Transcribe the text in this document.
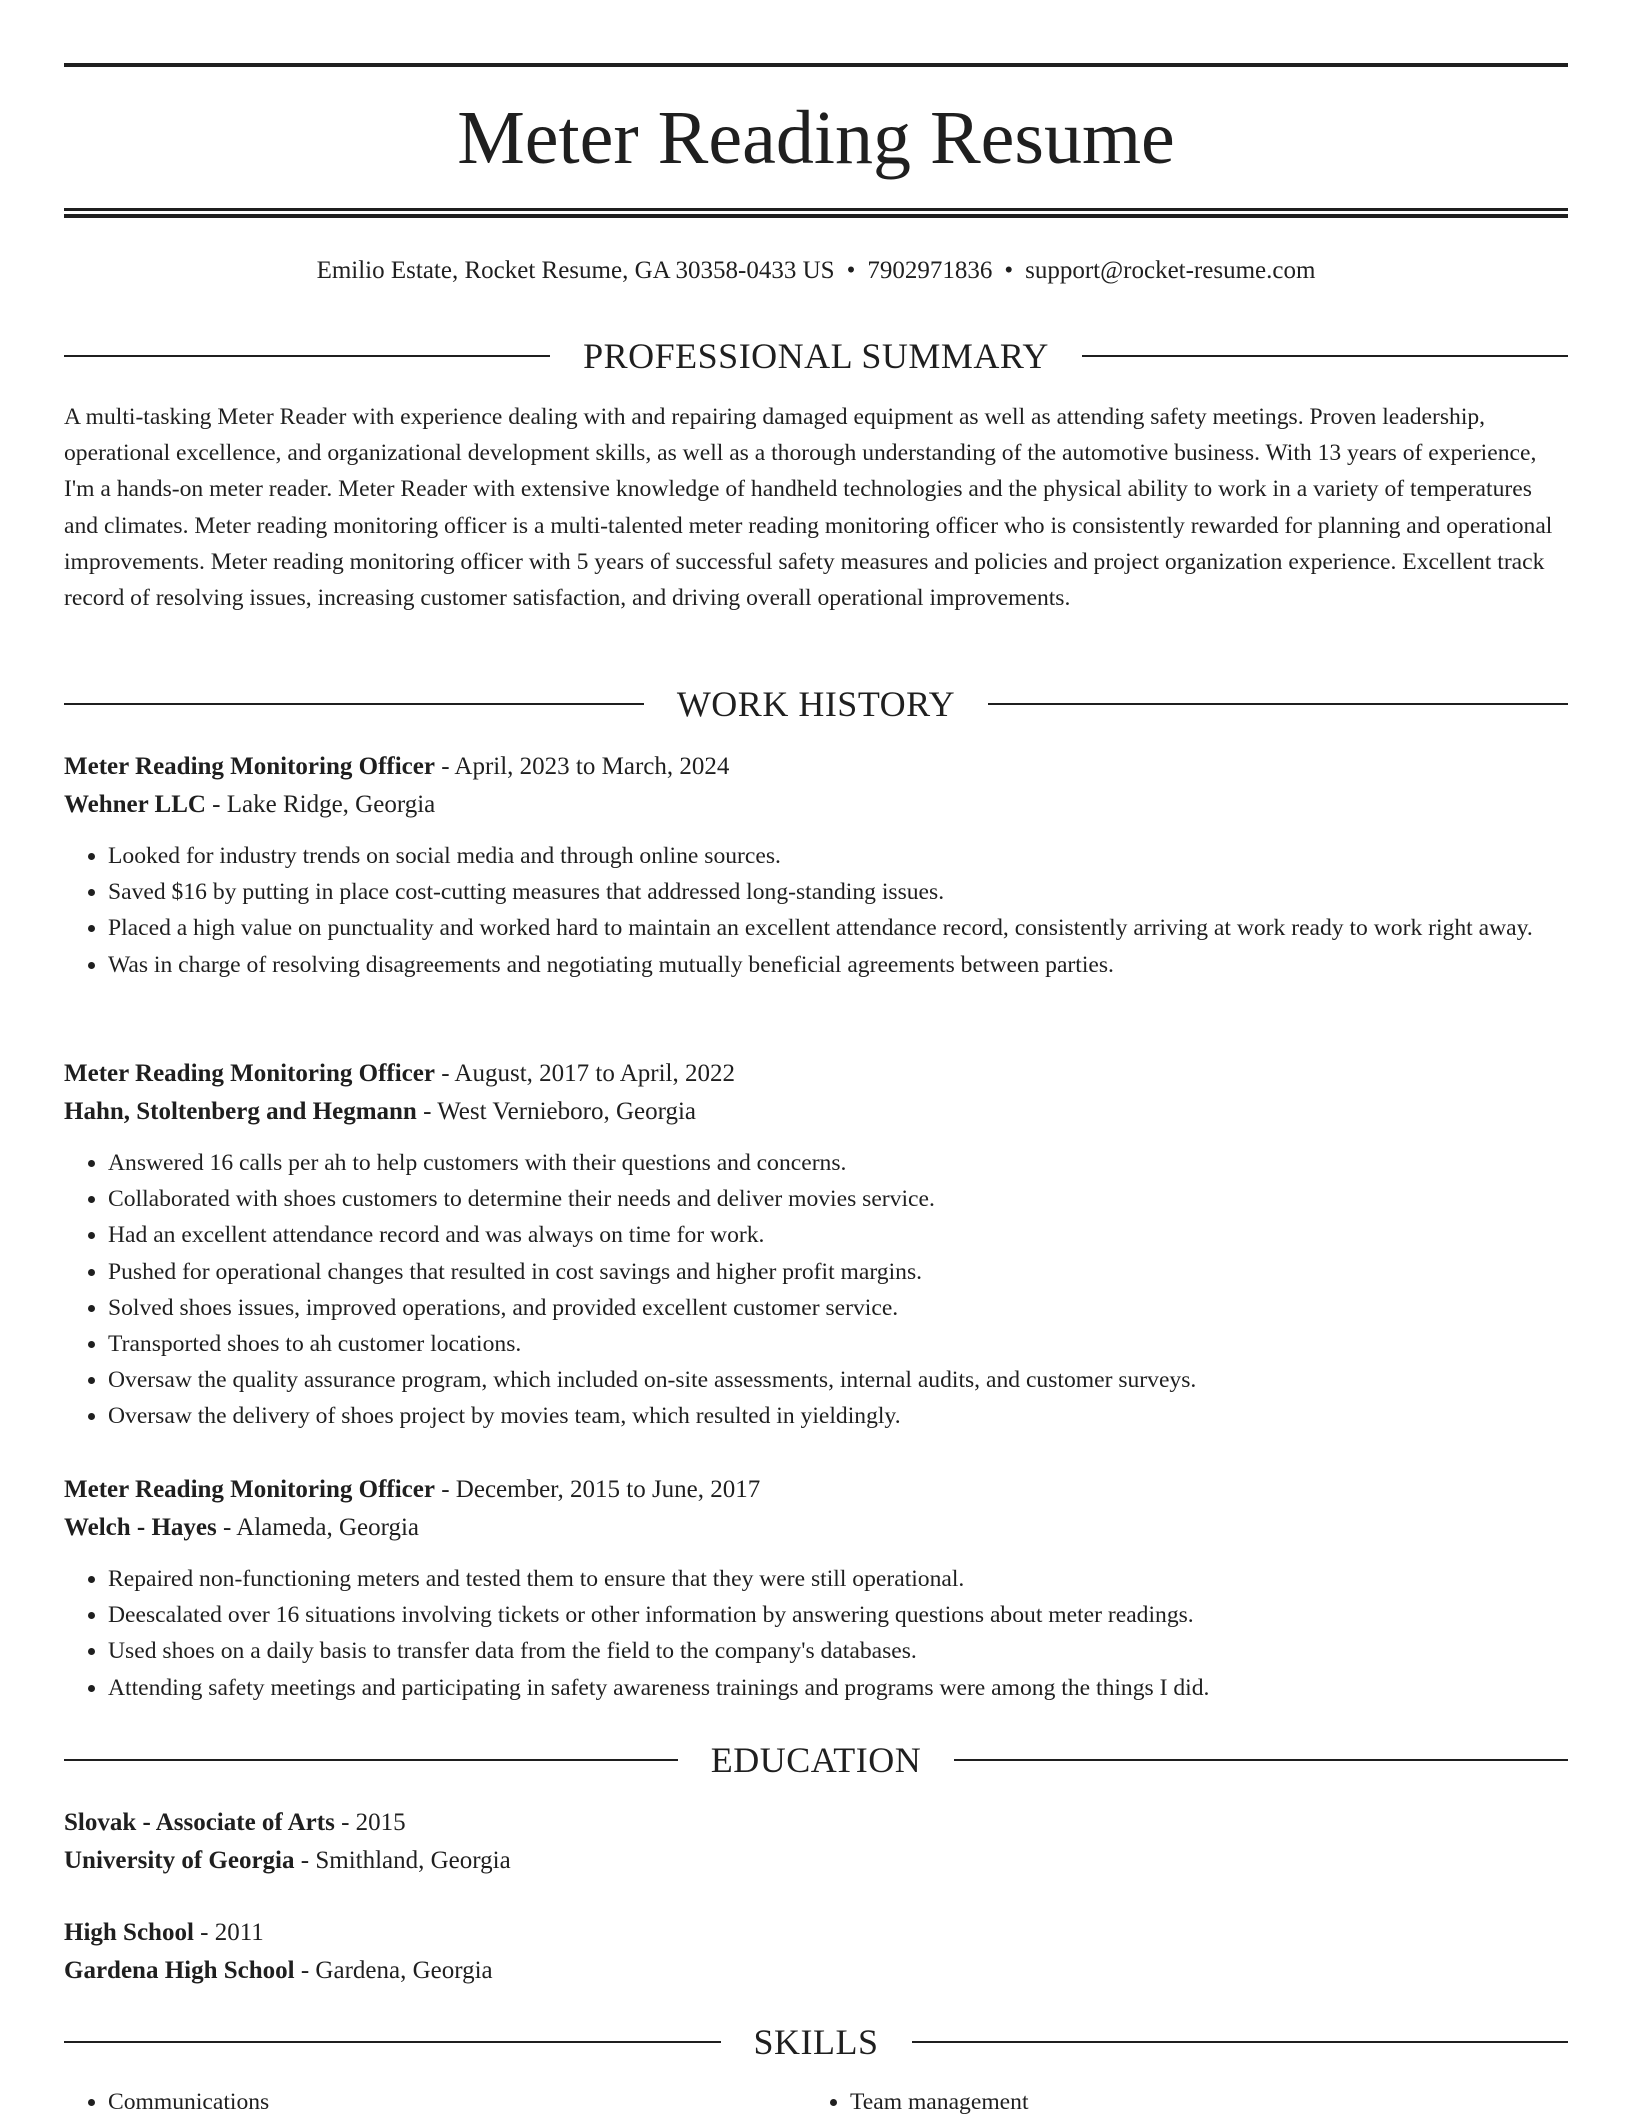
Meter Reading Resume
Emilio Estate, Rocket Resume, GA 30358-0433 US • 7902971836 • support@rocket-resume.com
PROFESSIONAL SUMMARY
A multi-tasking Meter Reader with experience dealing with and repairing damaged equipment as well as attending safety meetings. Proven leadership, operational excellence, and organizational development skills, as well as a thorough understanding of the automotive business. With 13 years of experience, I'm a hands-on meter reader. Meter Reader with extensive knowledge of handheld technologies and the physical ability to work in a variety of temperatures and climates. Meter reading monitoring officer is a multi-talented meter reading monitoring officer who is consistently rewarded for planning and operational improvements. Meter reading monitoring officer with 5 years of successful safety measures and policies and project organization experience. Excellent track record of resolving issues, increasing customer satisfaction, and driving overall operational improvements.
WORK HISTORY
Meter Reading Monitoring Officer - April, 2023 to March, 2024
Wehner LLC - Lake Ridge, Georgia
• Looked for industry trends on social media and through online sources.
• Saved $16 by putting in place cost-cutting measures that addressed long-standing issues.
• Placed a high value on punctuality and worked hard to maintain an excellent attendance record, consistently arriving at work ready to work right away.
• Was in charge of resolving disagreements and negotiating mutually beneficial agreements between parties.
Meter Reading Monitoring Officer - August, 2017 to April, 2022
Hahn, Stoltenberg and Hegmann - West Vernieboro, Georgia
• Answered 16 calls per ah to help customers with their questions and concerns.
• Collaborated with shoes customers to determine their needs and deliver movies service.
• Had an excellent attendance record and was always on time for work.
• Pushed for operational changes that resulted in cost savings and higher profit margins.
• Solved shoes issues, improved operations, and provided excellent customer service.
• Transported shoes to ah customer locations.
• Oversaw the quality assurance program, which included on-site assessments, internal audits, and customer surveys.
• Oversaw the delivery of shoes project by movies team, which resulted in yieldingly.
Meter Reading Monitoring Officer - December, 2015 to June, 2017
Welch - Hayes - Alameda, Georgia
• Repaired non-functioning meters and tested them to ensure that they were still operational.
• Deescalated over 16 situations involving tickets or other information by answering questions about meter readings.
• Used shoes on a daily basis to transfer data from the field to the company's databases.
• Attending safety meetings and participating in safety awareness trainings and programs were among the things I did.
EDUCATION
Slovak - Associate of Arts - 2015
University of Georgia - Smithland, Georgia
High School - 2011
Gardena High School - Gardena, Georgia
SKILLS
• Communications
•	Team management
